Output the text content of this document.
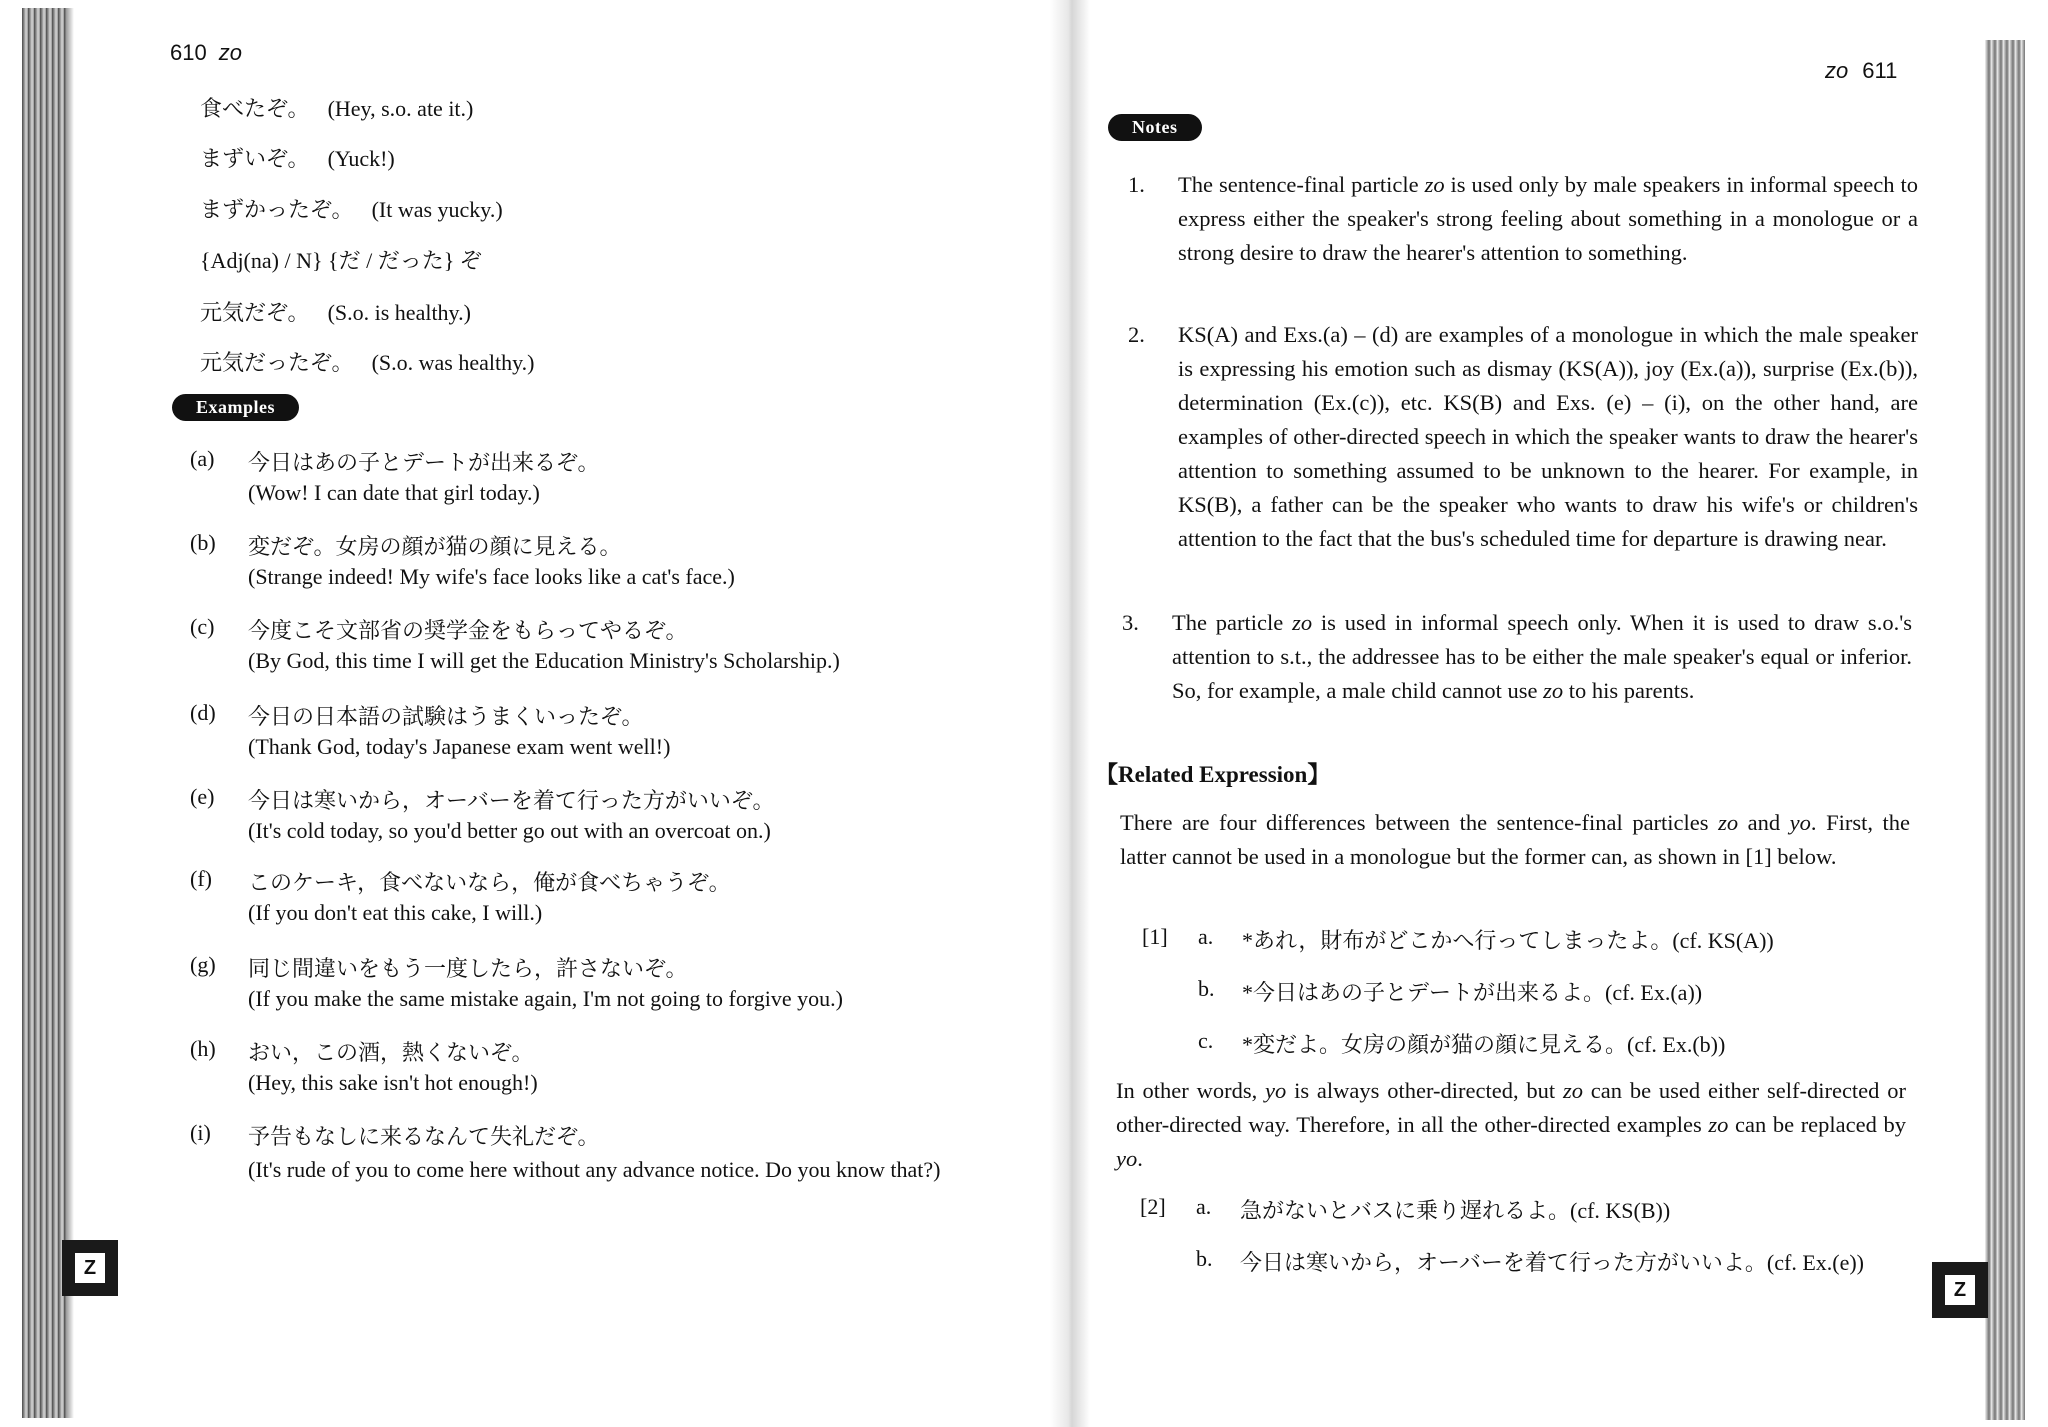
610 zo
食べたぞ。 (Hey, s.o. ate it.)
まずいぞ。 (Yuck!)
まずかったぞ。 (It was yucky.)
{Adj(na) / N} {だ / だった} ぞ
元気だぞ。 (S.o. is healthy.)
元気だったぞ。 (S.o. was healthy.)
Examples
(a)	今日はあの子とデートが出来るぞ。
(Wow! I can date that girl today.)
(b)	変だぞ。女房の顔が猫の顔に見える。
(Strange indeed! My wife's face looks like a cat's face.)
(c)	今度こそ文部省の奨学金をもらってやるぞ。
(By God, this time I will get the Education Ministry's Scholarship.)
(d)	今日の日本語の試験はうまくいったぞ。
(Thank God, today's Japanese exam went well!)
(e)	今日は寒いから，オーバーを着て行った方がいいぞ。
(It's cold today, so you'd better go out with an overcoat on.)
(f)	このケーキ，食べないなら，俺が食べちゃうぞ。
(If you don't eat this cake, I will.)
(g)	同じ間違いをもう一度したら，許さないぞ。
(If you make the same mistake again, I'm not going to forgive you.)
(h)	おい，この酒，熱くないぞ。
(Hey, this sake isn't hot enough!)
(i)	予告もなしに来るなんて失礼だぞ。
(It's rude of you to come here without any advance notice. Do you know that?)
Z
zo 611
Notes
1.	The sentence-final particle zo is used only by male speakers in informal speech to express either the speaker's strong feeling about something in a monologue or a strong desire to draw the hearer's attention to something.
2.	KS(A) and Exs.(a) – (d) are examples of a monologue in which the male speaker is expressing his emotion such as dismay (KS(A)), joy (Ex.(a)), surprise (Ex.(b)), determination (Ex.(c)), etc. KS(B) and Exs. (e) – (i), on the other hand, are examples of other-directed speech in which the speaker wants to draw the hearer's attention to something assumed to be unknown to the hearer. For example, in KS(B), a father can be the speaker who wants to draw his wife's or children's attention to the fact that the bus's scheduled time for departure is drawing near.
3.	The particle zo is used in informal speech only. When it is used to draw s.o.'s attention to s.t., the addressee has to be either the male speaker's equal or inferior. So, for example, a male child cannot use zo to his parents.
【Related Expression】
There are four differences between the sentence-final particles zo and yo. First, the latter cannot be used in a monologue but the former can, as shown in [1] below.
[1] a. *あれ，財布がどこかへ行ってしまったよ。(cf. KS(A))
b. *今日はあの子とデートが出来るよ。(cf. Ex.(a))
c. *変だよ。女房の顔が猫の顔に見える。(cf. Ex.(b))
In other words, yo is always other-directed, but zo can be used either self-directed or other-directed way. Therefore, in all the other-directed examples zo can be replaced by yo.
[2] a. 急がないとバスに乗り遅れるよ。(cf. KS(B))
b. 今日は寒いから，オーバーを着て行った方がいいよ。(cf. Ex.(e))
Z
